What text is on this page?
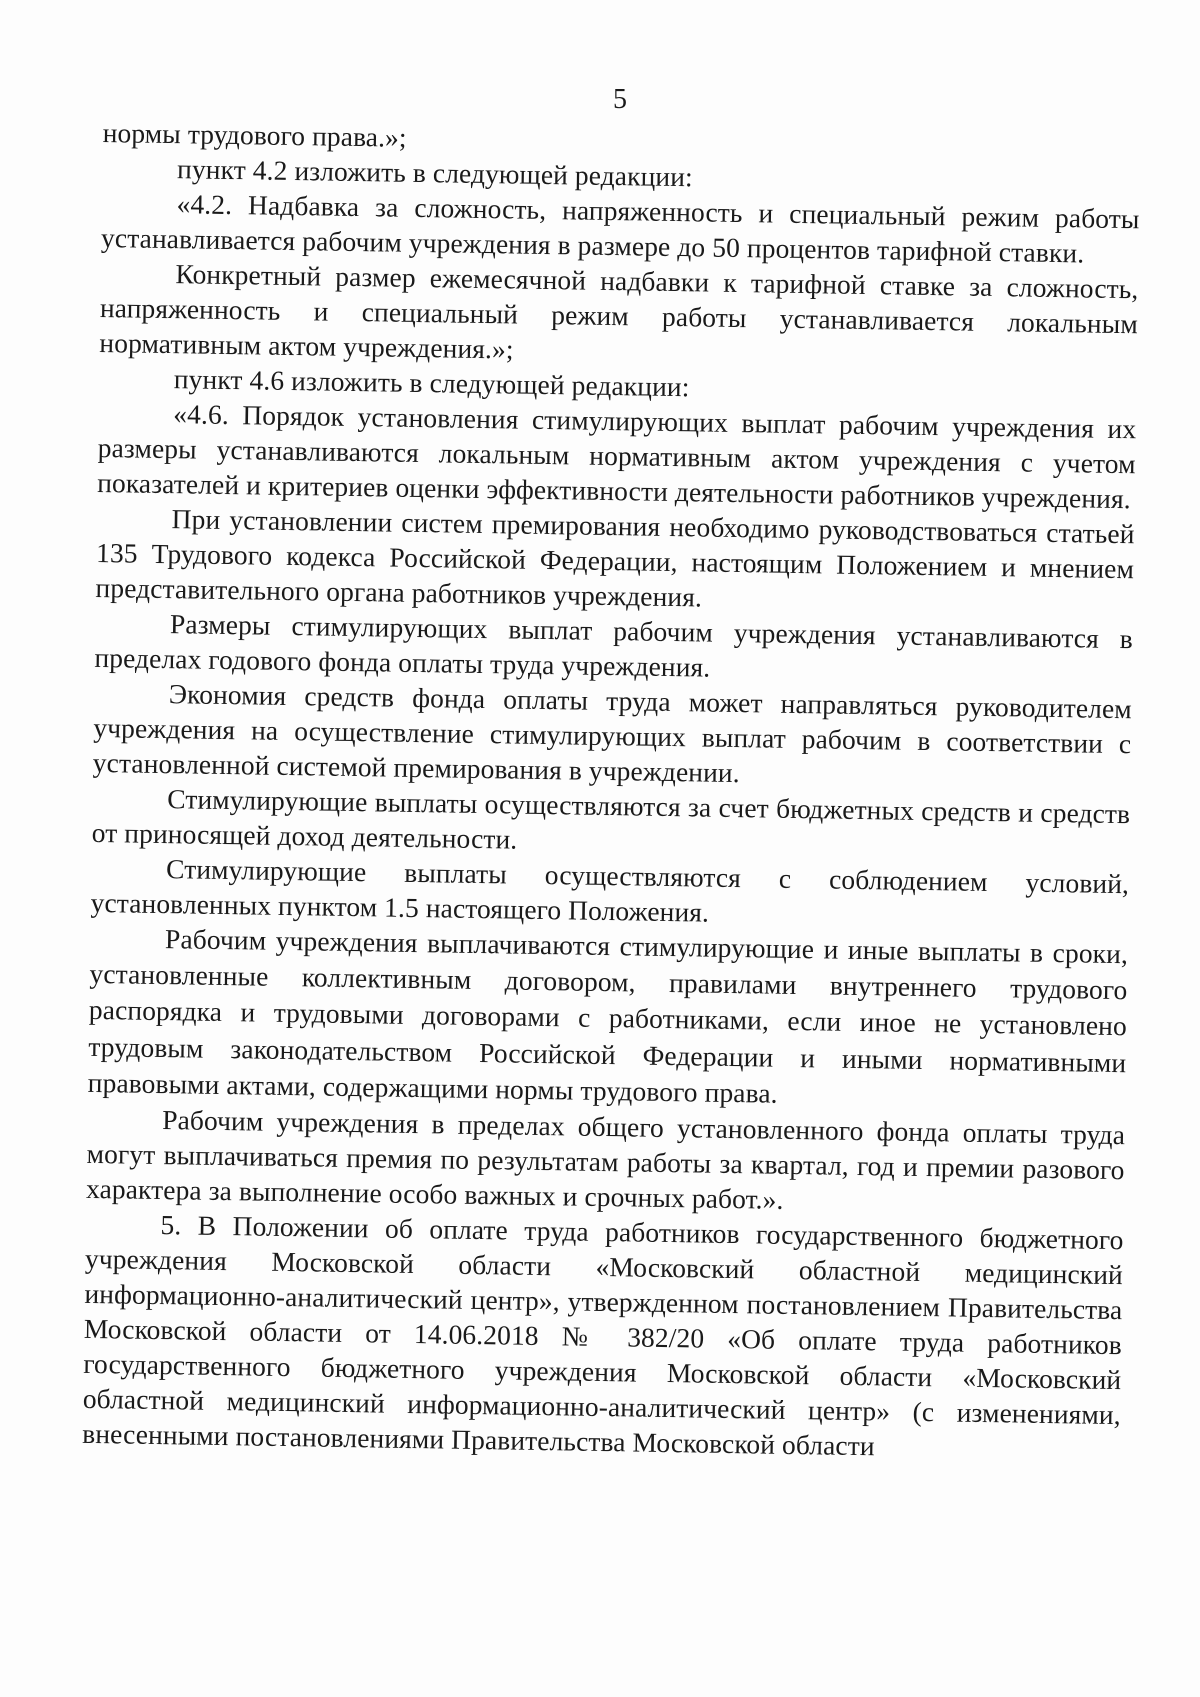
5

нормы трудового права.»;

пункт 4.2 изложить в следующей редакции:

«4.2. Надбавка за сложность, напряженность и специальный режим работы устанавливается рабочим учреждения в размере до 50 процентов тарифной ставки.

Конкретный размер ежемесячной надбавки к тарифной ставке за сложность, напряженность и специальный режим работы устанавливается локальным нормативным актом учреждения.»;

пункт 4.6 изложить в следующей редакции:

«4.6. Порядок установления стимулирующих выплат рабочим учреждения их размеры устанавливаются локальным нормативным актом учреждения с учетом показателей и критериев оценки эффективности деятельности работников учреждения.

При установлении систем премирования необходимо руководствоваться статьей 135 Трудового кодекса Российской Федерации, настоящим Положением и мнением представительного органа работников учреждения.

Размеры стимулирующих выплат рабочим учреждения устанавливаются в пределах годового фонда оплаты труда учреждения.

Экономия средств фонда оплаты труда может направляться руководителем учреждения на осуществление стимулирующих выплат рабочим в соответствии с установленной системой премирования в учреждении.

Стимулирующие выплаты осуществляются за счет бюджетных средств и средств от приносящей доход деятельности.

Стимулирующие выплаты осуществляются с соблюдением условий, установленных пунктом 1.5 настоящего Положения.

Рабочим учреждения выплачиваются стимулирующие и иные выплаты в сроки, установленные коллективным договором, правилами внутреннего трудового распорядка и трудовыми договорами с работниками, если иное не установлено трудовым законодательством Российской Федерации и иными нормативными правовыми актами, содержащими нормы трудового права.

Рабочим учреждения в пределах общего установленного фонда оплаты труда могут выплачиваться премия по результатам работы за квартал, год и премии разового характера за выполнение особо важных и срочных работ.».

5. В Положении об оплате труда работников государственного бюджетного учреждения Московской области «Московский областной медицинский информационно-аналитический центр», утвержденном постановлением Правительства Московской области от 14.06.2018 № 382/20 «Об оплате труда работников государственного бюджетного учреждения Московской области «Московский областной медицинский информационно-аналитический центр» (с изменениями, внесенными постановлениями Правительства Московской области
